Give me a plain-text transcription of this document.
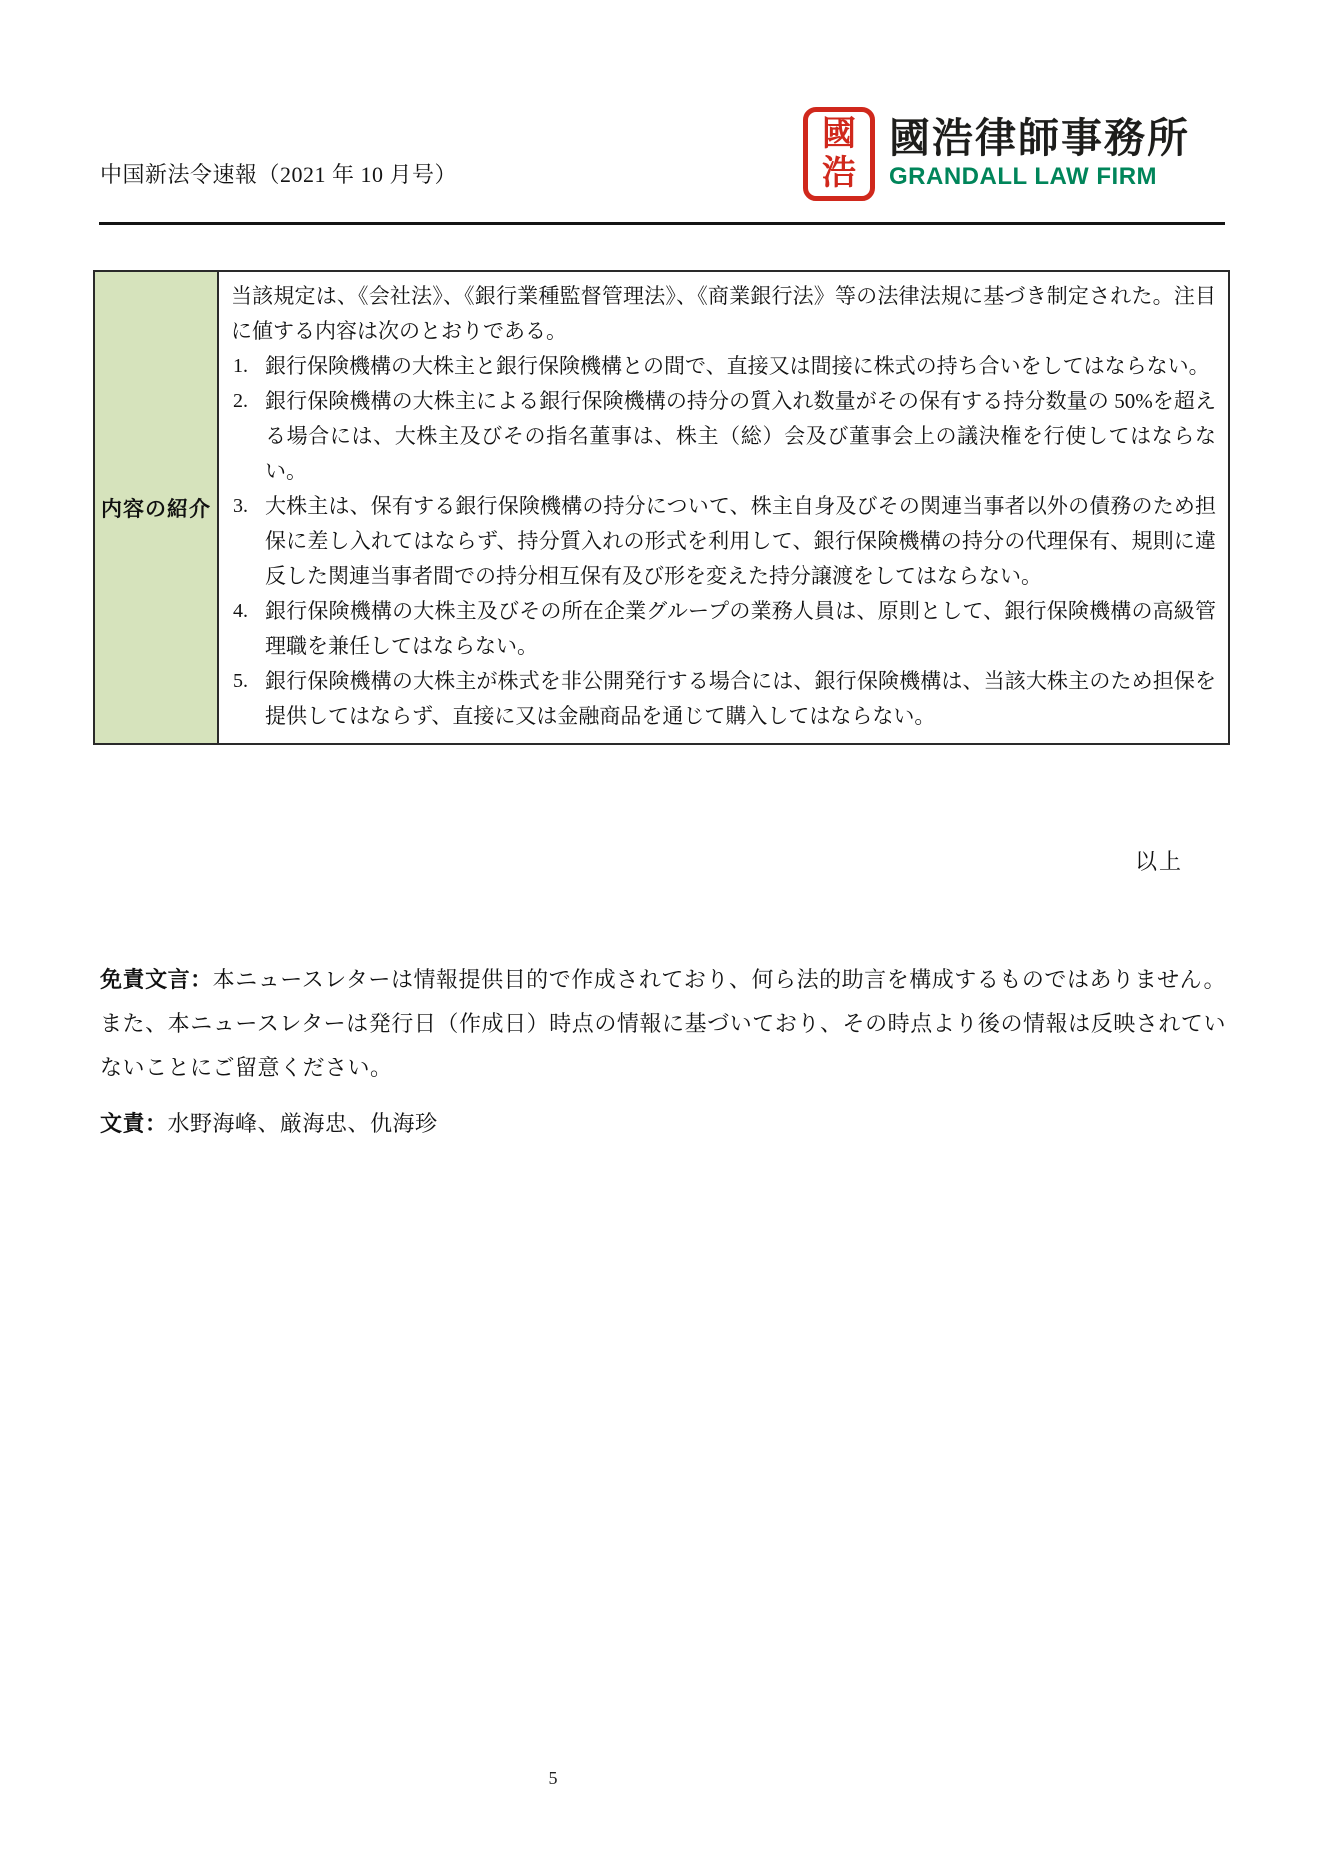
中国新法令速報（2021 年 10 月号）
國
浩
國浩律師事務所
GRANDALL LAW FIRM
内容の紹介

当該規定は、《会社法》、《銀行業種監督管理法》、《商業銀行法》等の法律法規に基づき制定された。注目に値する内容は次のとおりである。

1. 銀行保険機構の大株主と銀行保険機構との間で、直接又は間接に株式の持ち合いをしてはならない。
2. 銀行保険機構の大株主による銀行保険機構の持分の質入れ数量がその保有する持分数量の 50%を超える場合には、大株主及びその指名董事は、株主（総）会及び董事会上の議決権を行使してはならない。
3. 大株主は、保有する銀行保険機構の持分について、株主自身及びその関連当事者以外の債務のため担保に差し入れてはならず、持分質入れの形式を利用して、銀行保険機構の持分の代理保有、規則に違反した関連当事者間での持分相互保有及び形を変えた持分譲渡をしてはならない。
4. 銀行保険機構の大株主及びその所在企業グループの業務人員は、原則として、銀行保険機構の高級管理職を兼任してはならない。
5. 銀行保険機構の大株主が株式を非公開発行する場合には、銀行保険機構は、当該大株主のため担保を提供してはならず、直接に又は金融商品を通じて購入してはならない。
以上
免責文言：本ニュースレターは情報提供目的で作成されており、何ら法的助言を構成するものではありません。また、本ニュースレターは発行日（作成日）時点の情報に基づいており、その時点より後の情報は反映されていないことにご留意ください。
文責：水野海峰、厳海忠、仇海珍
5
